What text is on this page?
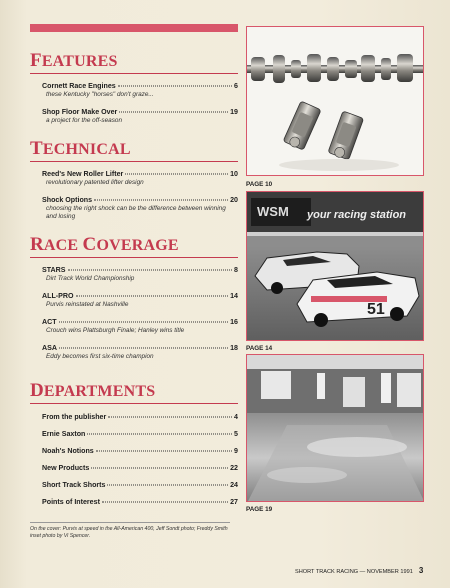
FEATURES
Cornett Race Engines	6
these Kentucky "horses" don't graze...
Shop Floor Make Over	19
a project for the off-season
TECHNICAL
Reed's New Roller Lifter	10
revolutionary patented lifter design
Shock Options	20
choosing the right shock can be the difference between winning and losing
RACE COVERAGE
STARS	8
Dirt Track World Championship
ALL-PRO	14
Purvis reinstated at Nashville
ACT	16
Crouch wins Plattsburgh Finale; Hanley wins title
ASA	18
Eddy becomes first six-time champion
DEPARTMENTS
From the publisher	4
Ernie Saxton	5
Noah's Notions	9
New Products	22
Short Track Shorts	24
Points of Interest	27
On the cover: Purvis at speed in the All-American 400, Jeff Sondt photo; Freddy Smith inset photo by Vi Spencer.
PAGE 10
WSM your racing station
51
PAGE 14
PAGE 19
SHORT TRACK RACING — NOVEMBER 1991 3
